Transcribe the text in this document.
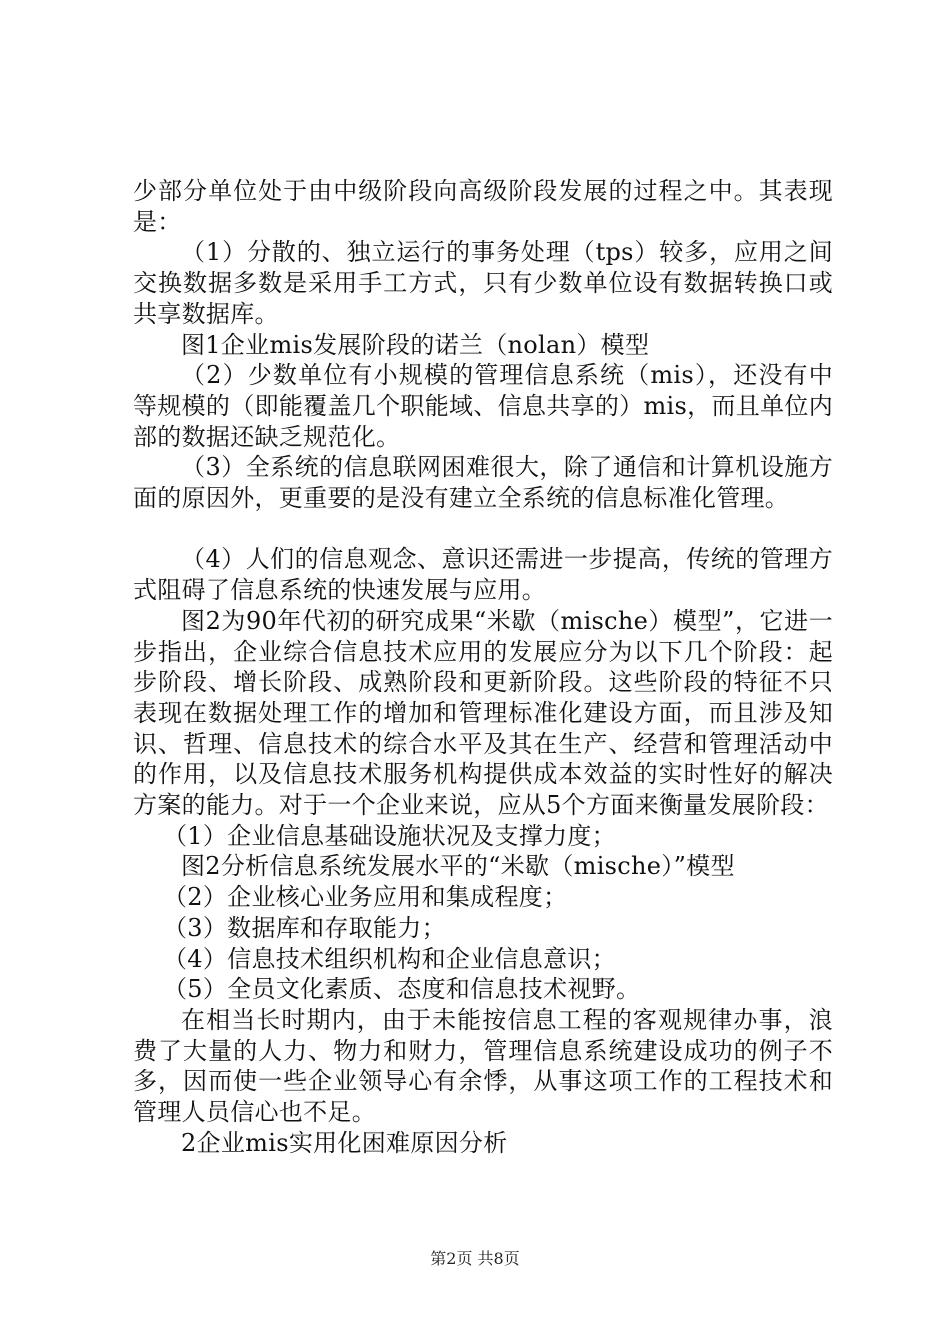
少部分单位处于由中级阶段向高级阶段发展的过程之中。其表现是：

（1）分散的、独立运行的事务处理（tps）较多，应用之间交换数据多数是采用手工方式，只有少数单位设有数据转换口或共享数据库。

图1企业mis发展阶段的诺兰（nolan）模型

（2）少数单位有小规模的管理信息系统（mis），还没有中等规模的（即能覆盖几个职能域、信息共享的）mis，而且单位内部的数据还缺乏规范化。

（3）全系统的信息联网困难很大，除了通信和计算机设施方面的原因外，更重要的是没有建立全系统的信息标准化管理。

（4）人们的信息观念、意识还需进一步提高，传统的管理方式阻碍了信息系统的快速发展与应用。

图2为90年代初的研究成果“米歇（mische）模型”，它进一步指出，企业综合信息技术应用的发展应分为以下几个阶段：起步阶段、增长阶段、成熟阶段和更新阶段。这些阶段的特征不只表现在数据处理工作的增加和管理标准化建设方面，而且涉及知识、哲理、信息技术的综合水平及其在生产、经营和管理活动中的作用，以及信息技术服务机构提供成本效益的实时性好的解决方案的能力。对于一个企业来说，应从5个方面来衡量发展阶段：

（1）企业信息基础设施状况及支撑力度；

图2分析信息系统发展水平的“米歇（mische）”模型

（2）企业核心业务应用和集成程度；

（3）数据库和存取能力；

（4）信息技术组织机构和企业信息意识；

（5）全员文化素质、态度和信息技术视野。

在相当长时期内，由于未能按信息工程的客观规律办事，浪费了大量的人力、物力和财力，管理信息系统建设成功的例子不多，因而使一些企业领导心有余悸，从事这项工作的工程技术和管理人员信心也不足。

2企业mis实用化困难原因分析

第2页 共8页
